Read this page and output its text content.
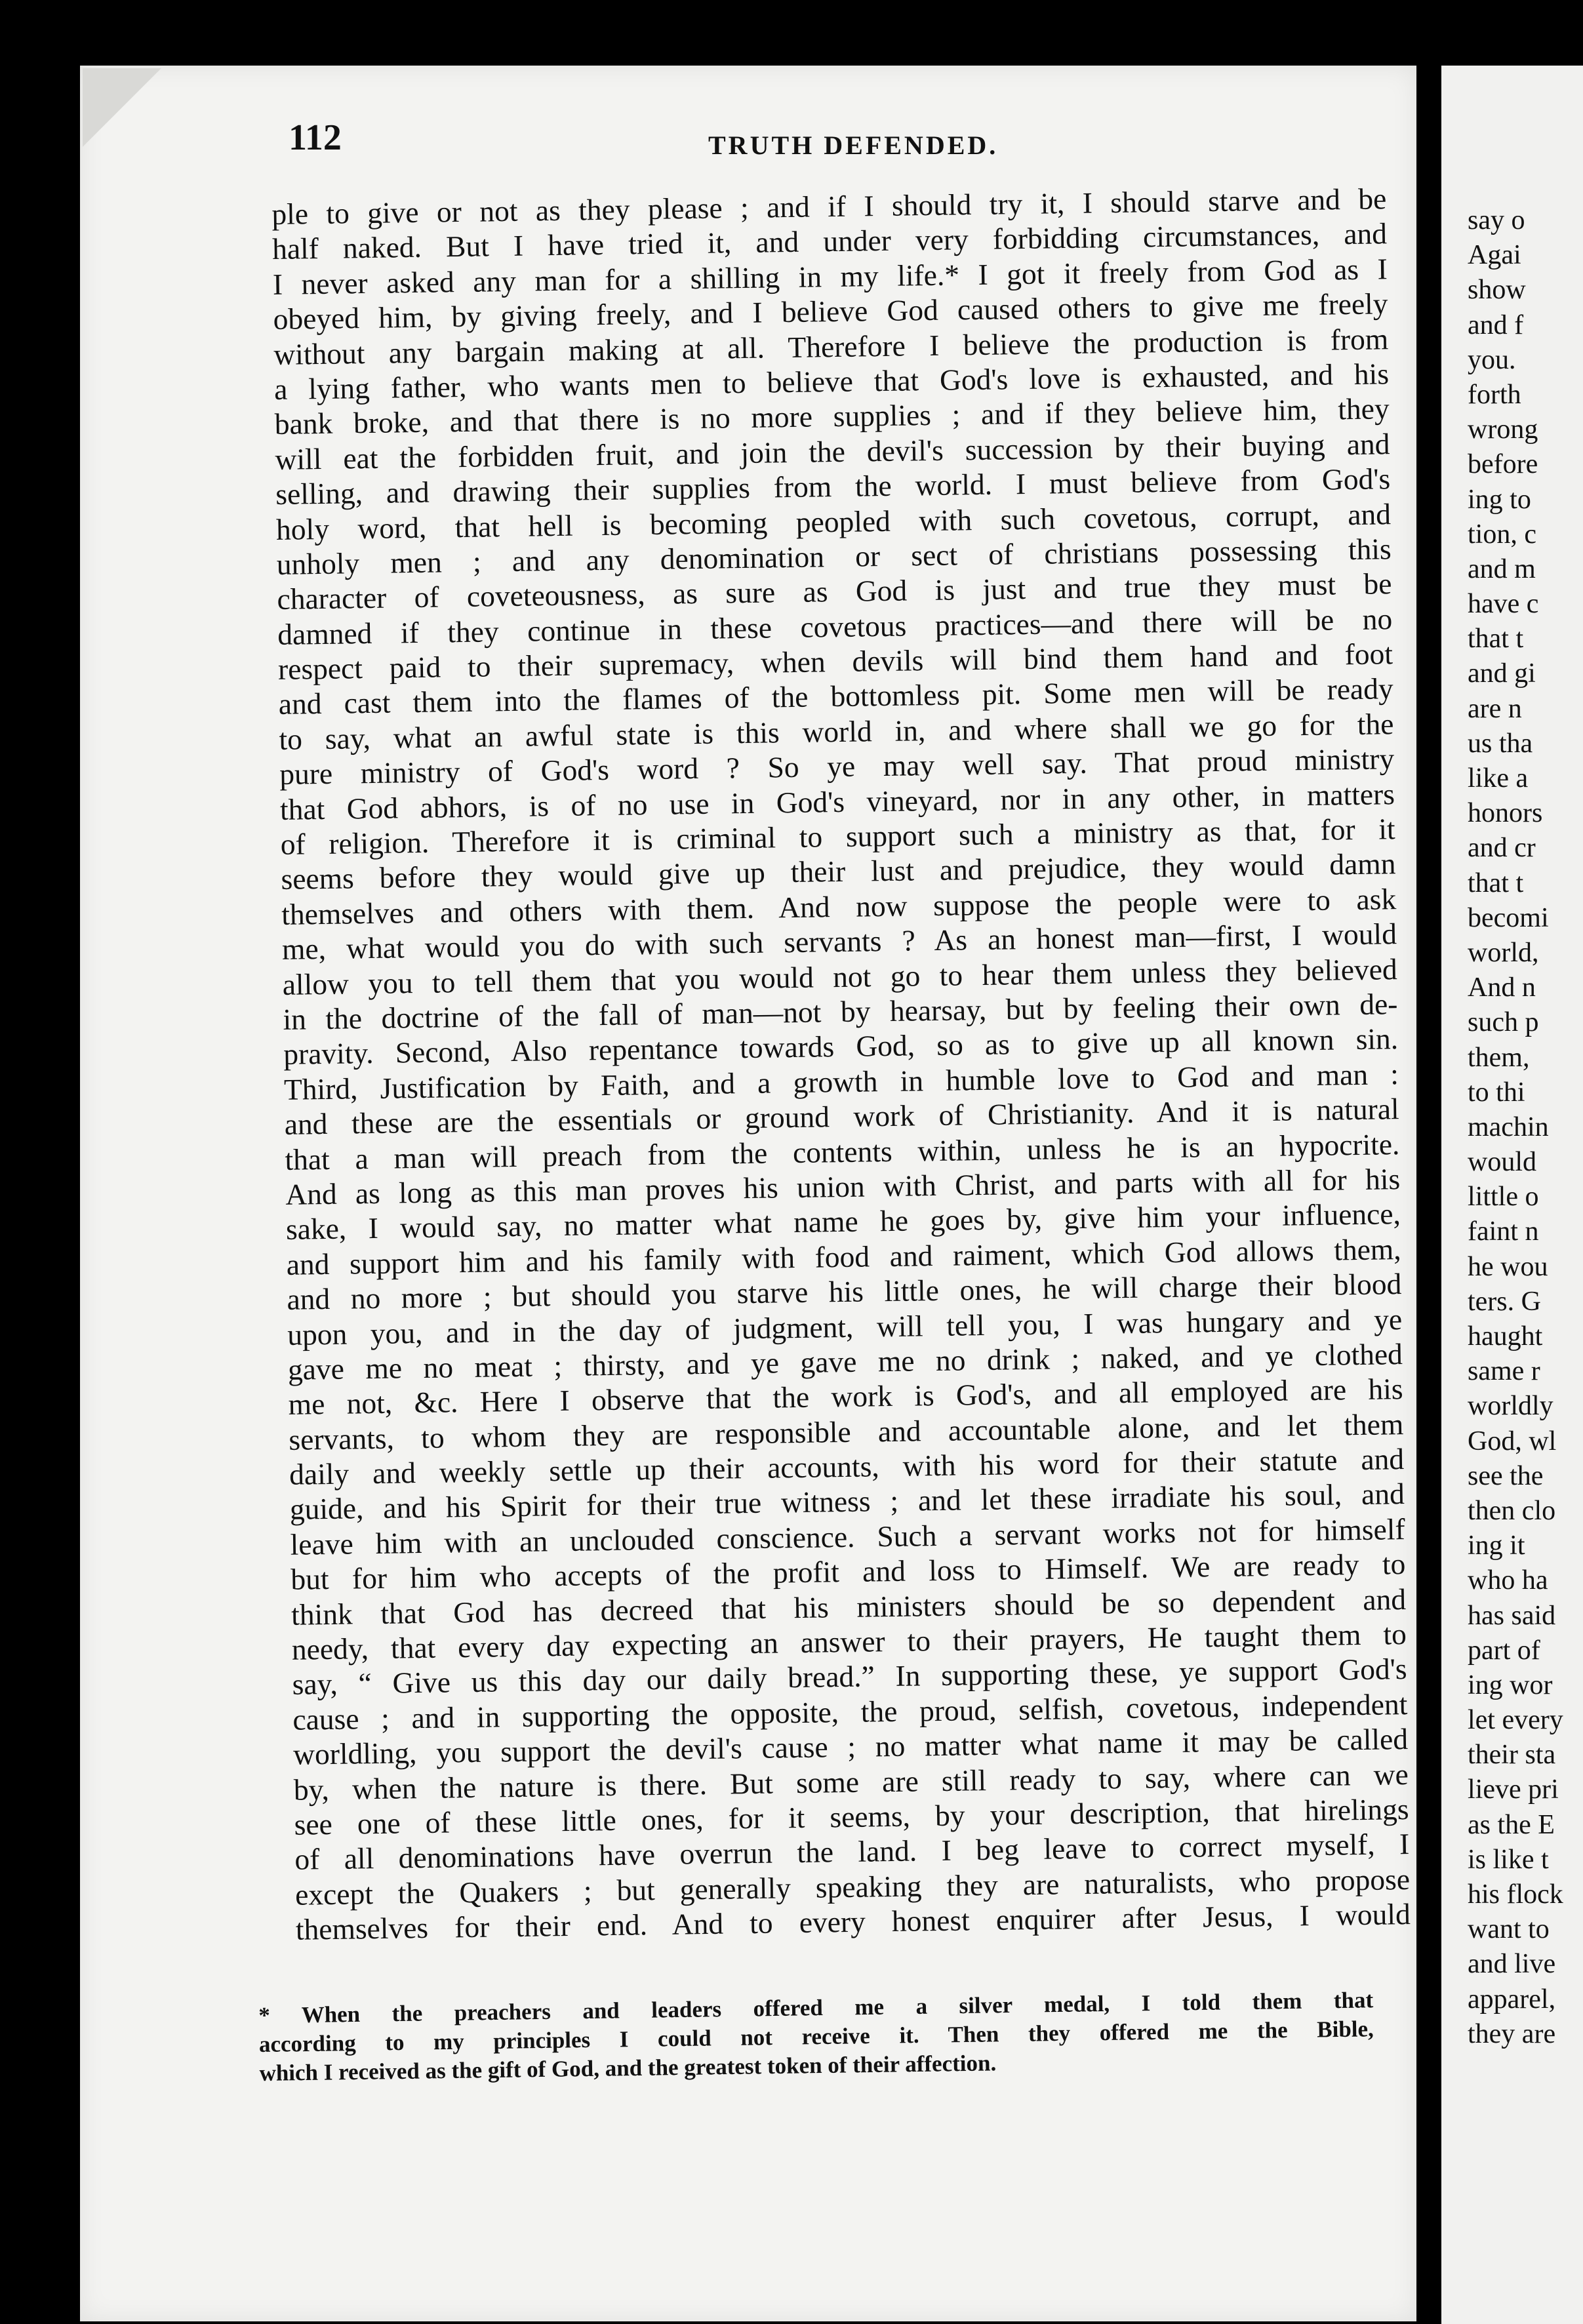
112	TRUTH DEFENDED.
ple to give or not as they please ; and if I should try it, I should starve and be
half naked. But I have tried it, and under very forbidding circumstances, and
I never asked any man for a shilling in my life.* I got it freely from God as I
obeyed him, by giving freely, and I believe God caused others to give me freely
without any bargain making at all. Therefore I believe the production is from
a lying father, who wants men to believe that God's love is exhausted, and his
bank broke, and that there is no more supplies ; and if they believe him, they
will eat the forbidden fruit, and join the devil's succession by their buying and
selling, and drawing their supplies from the world. I must believe from God's
holy word, that hell is becoming peopled with such covetous, corrupt, and
unholy men ; and any denomination or sect of christians possessing this
character of coveteousness, as sure as God is just and true they must be
damned if they continue in these covetous practices—and there will be no
respect paid to their supremacy, when devils will bind them hand and foot
and cast them into the flames of the bottomless pit. Some men will be ready
to say, what an awful state is this world in, and where shall we go for the
pure ministry of God's word ? So ye may well say. That proud ministry
that God abhors, is of no use in God's vineyard, nor in any other, in matters
of religion. Therefore it is criminal to support such a ministry as that, for it
seems before they would give up their lust and prejudice, they would damn
themselves and others with them. And now suppose the people were to ask
me, what would you do with such servants ? As an honest man—first, I would
allow you to tell them that you would not go to hear them unless they believed
in the doctrine of the fall of man—not by hearsay, but by feeling their own de-
pravity. Second, Also repentance towards God, so as to give up all known sin.
Third, Justification by Faith, and a growth in humble love to God and man :
and these are the essentials or ground work of Christianity. And it is natural
that a man will preach from the contents within, unless he is an hypocrite.
And as long as this man proves his union with Christ, and parts with all for his
sake, I would say, no matter what name he goes by, give him your influence,
and support him and his family with food and raiment, which God allows them,
and no more ; but should you starve his little ones, he will charge their blood
upon you, and in the day of judgment, will tell you, I was hungary and ye
gave me no meat ; thirsty, and ye gave me no drink ; naked, and ye clothed
me not, &c. Here I observe that the work is God's, and all employed are his
servants, to whom they are responsible and accountable alone, and let them
daily and weekly settle up their accounts, with his word for their statute and
guide, and his Spirit for their true witness ; and let these irradiate his soul, and
leave him with an unclouded conscience. Such a servant works not for himself
but for him who accepts of the profit and loss to Himself. We are ready to
think that God has decreed that his ministers should be so dependent and
needy, that every day expecting an answer to their prayers, He taught them to
say, “ Give us this day our daily bread.” In supporting these, ye support God's
cause ; and in supporting the opposite, the proud, selfish, covetous, independent
worldling, you support the devil's cause ; no matter what name it may be called
by, when the nature is there. But some are still ready to say, where can we
see one of these little ones, for it seems, by your description, that hirelings
of all denominations have overrun the land. I beg leave to correct myself, I
except the Quakers ; but generally speaking they are naturalists, who propose
themselves for their end. And to every honest enquirer after Jesus, I would
* When the preachers and leaders offered me a silver medal, I told them that
according to my principles I could not receive it. Then they offered me the Bible,
which I received as the gift of God, and the greatest token of their affection.
say o
Agai
show
and f
you.
forth
wrong
before
ing to
tion, c
and m
have c
that t
and gi
are n
us tha
like a
honors
and cr
that t
becomi
world,
And n
such p
them,
to thi
machin
would
little o
faint n
he wou
ters. G
haught
same r
worldly
God, wl
see the
then clo
ing it
who ha
has said
part of
ing wor
let every
their sta
lieve pri
as the E
is like t
his flock
want to
and live
apparel,
they are
